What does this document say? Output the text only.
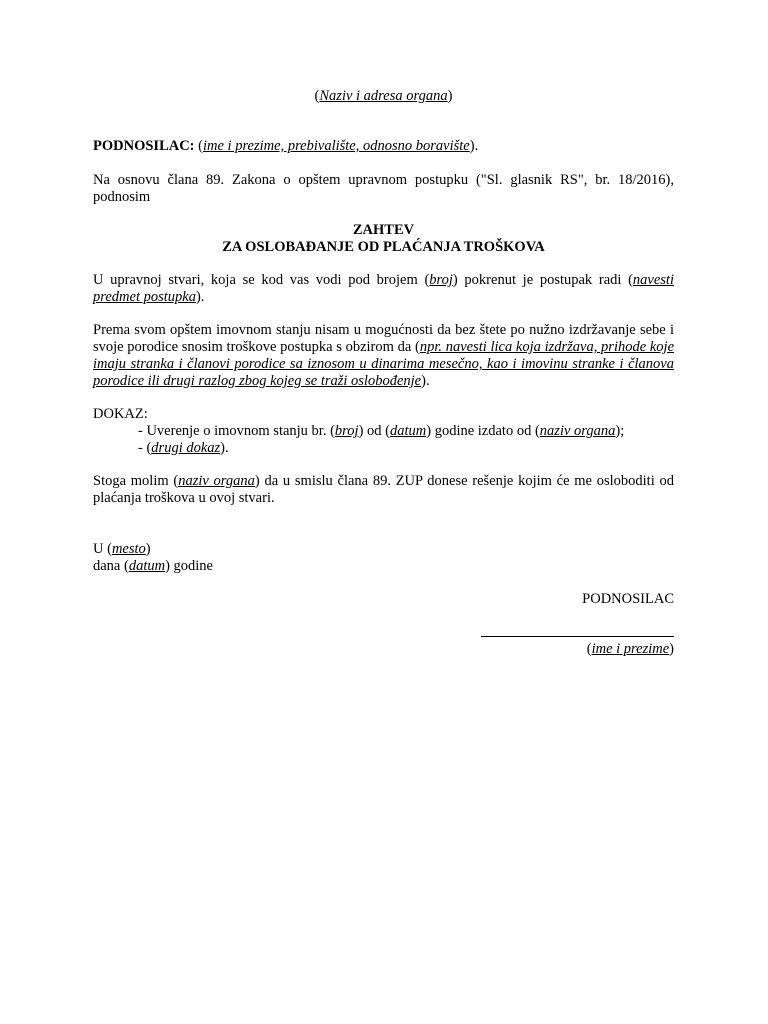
(Naziv i adresa organa)

PODNOSILAC: (ime i prezime, prebivalište, odnosno boravište).

Na osnovu člana 89. Zakona o opštem upravnom postupku ("Sl. glasnik RS", br. 18/2016), podnosim

ZAHTEV
ZA OSLOBAĐANJE OD PLAĆANJA TROŠKOVA

U upravnoj stvari, koja se kod vas vodi pod brojem (broj) pokrenut je postupak radi (navesti predmet postupka).

Prema svom opštem imovnom stanju nisam u mogućnosti da bez štete po nužno izdržavanje sebe i svoje porodice snosim troškove postupka s obzirom da (npr. navesti lica koja izdržava, prihode koje imaju stranka i članovi porodice sa iznosom u dinarima mesečno, kao i imovinu stranke i članova porodice ili drugi razlog zbog kojeg se traži oslobođenje).

DOKAZ:
- Uverenje o imovnom stanju br. (broj) od (datum) godine izdato od (naziv organa);
- (drugi dokaz).

Stoga molim (naziv organa) da u smislu člana 89. ZUP donese rešenje kojim će me osloboditi od plaćanja troškova u ovoj stvari.

U (mesto)
dana (datum) godine

PODNOSILAC

(ime i prezime)
